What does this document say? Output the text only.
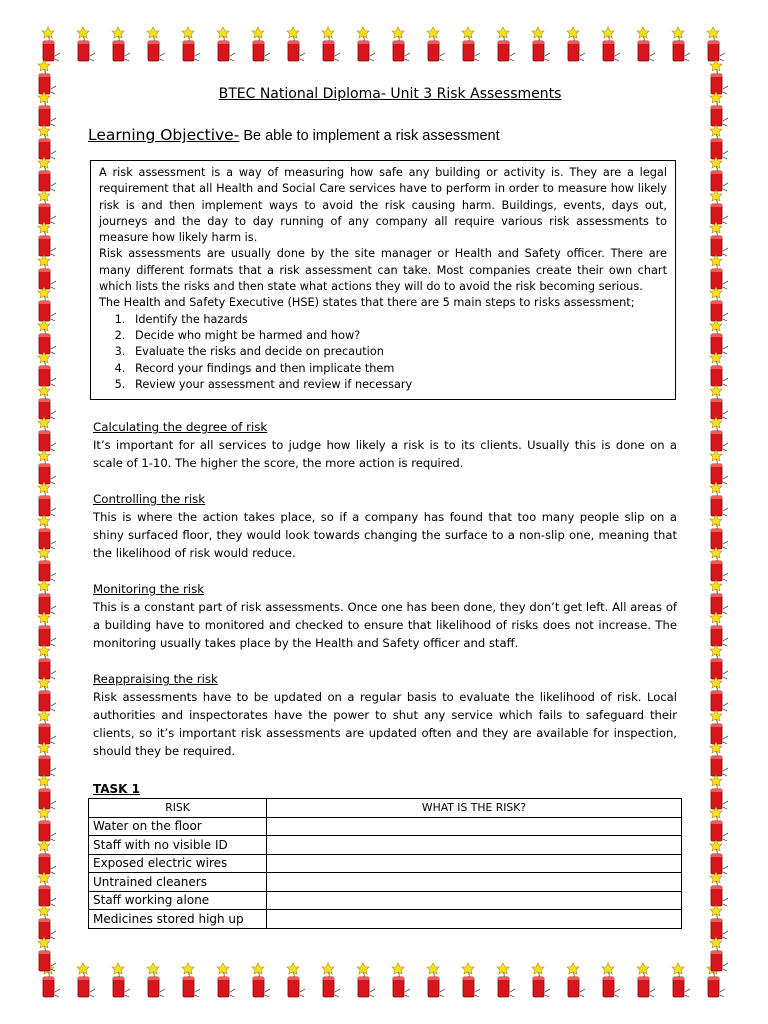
BTEC National Diploma- Unit 3 Risk Assessments
Learning Objective- Be able to implement a risk assessment
A risk assessment is a way of measuring how safe any building or activity is. They are a legal requirement that all Health and Social Care services have to perform in order to measure how likely risk is and then implement ways to avoid the risk causing harm. Buildings, events, days out, journeys and the day to day running of any company all require various risk assessments to measure how likely harm is.
Risk assessments are usually done by the site manager or Health and Safety officer. There are many different formats that a risk assessment can take. Most companies create their own chart which lists the risks and then state what actions they will do to avoid the risk becoming serious.
The Health and Safety Executive (HSE) states that there are 5 main steps to risks assessment;
1. Identify the hazards
2. Decide who might be harmed and how?
3. Evaluate the risks and decide on precaution
4. Record your findings and then implicate them
5. Review your assessment and review if necessary
Calculating the degree of risk
It’s important for all services to judge how likely a risk is to its clients. Usually this is done on a scale of 1-10. The higher the score, the more action is required.
Controlling the risk
This is where the action takes place, so if a company has found that too many people slip on a shiny surfaced floor, they would look towards changing the surface to a non-slip one, meaning that the likelihood of risk would reduce.
Monitoring the risk
This is a constant part of risk assessments. Once one has been done, they don’t get left. All areas of a building have to monitored and checked to ensure that likelihood of risks does not increase. The monitoring usually takes place by the Health and Safety officer and staff.
Reappraising the risk
Risk assessments have to be updated on a regular basis to evaluate the likelihood of risk. Local authorities and inspectorates have the power to shut any service which fails to safeguard their clients, so it’s important risk assessments are updated often and they are available for inspection, should they be required.
TASK 1
RISK	WHAT IS THE RISK?
Water on the floor	
Staff with no visible ID	
Exposed electric wires	
Untrained cleaners	
Staff working alone	
Medicines stored high up	
